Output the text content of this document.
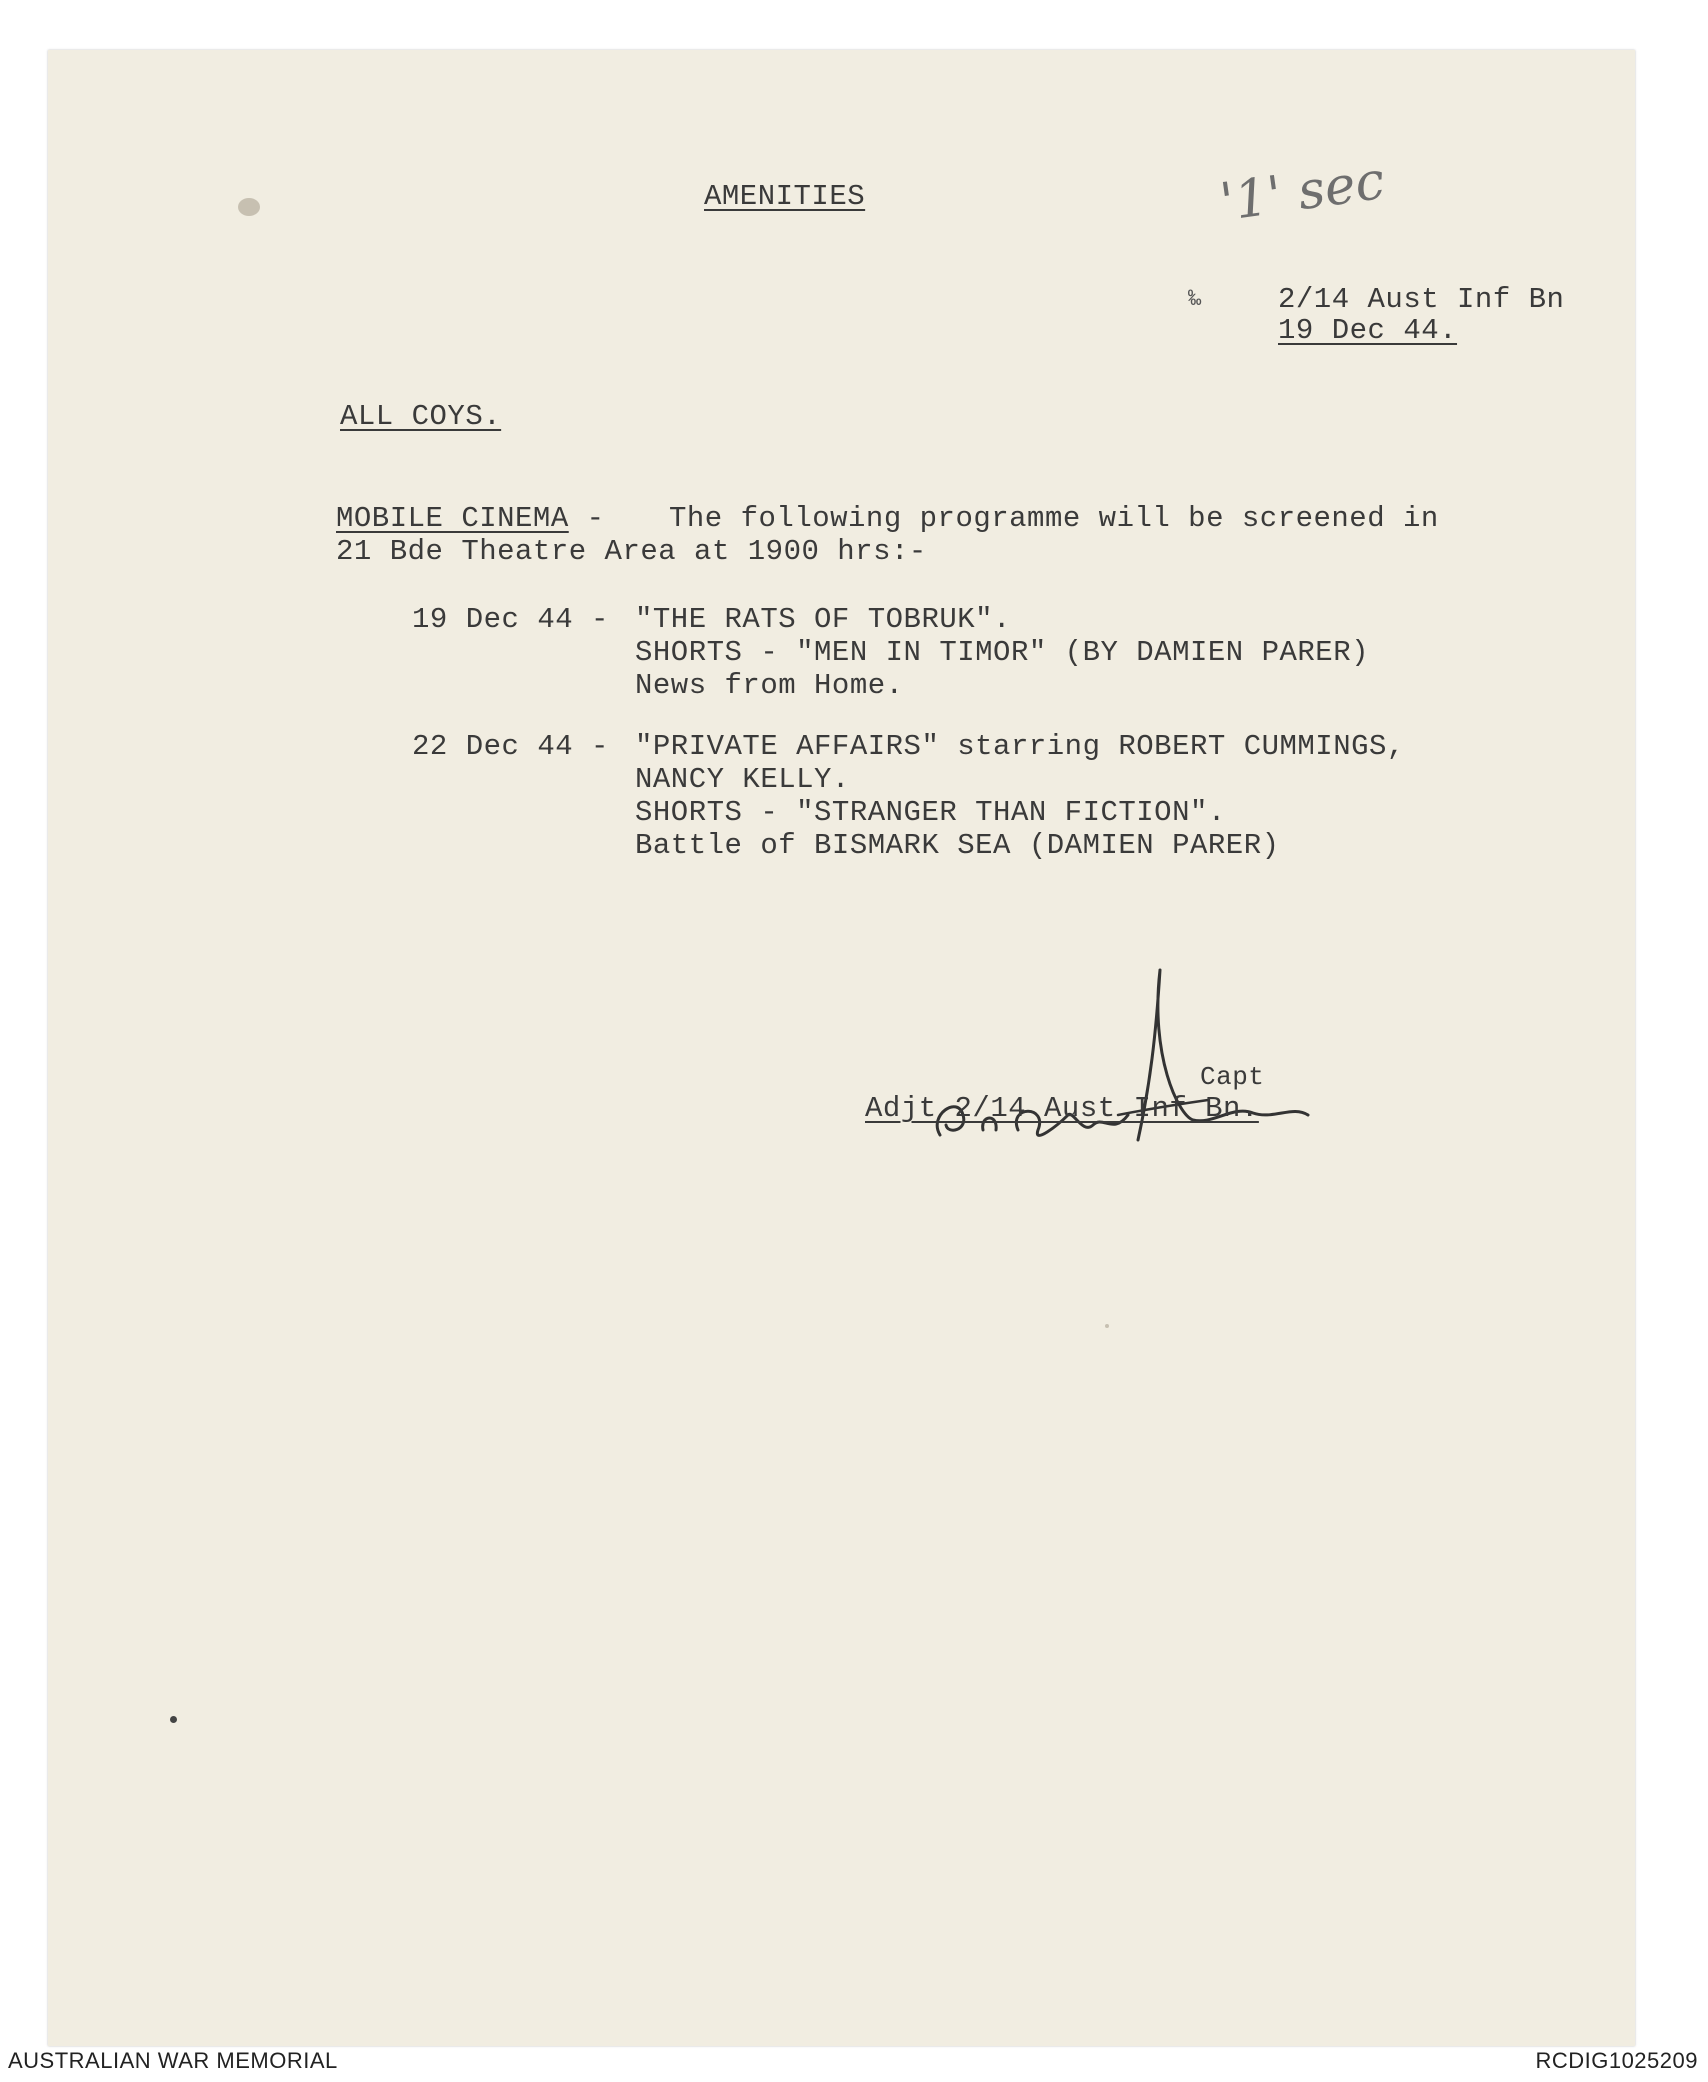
'1' sec
AMENITIES
‰	2/14 Aust Inf Bn
19 Dec 44.
ALL COYS.
MOBILE CINEMA - The following programme will be screened in
21 Bde Theatre Area at 1900 hrs:-
19 Dec 44 - "THE RATS OF TOBRUK".
SHORTS - "MEN IN TIMOR" (BY DAMIEN PARER)
News from Home.
22 Dec 44 - "PRIVATE AFFAIRS" starring ROBERT CUMMINGS,
NANCY KELLY.
SHORTS - "STRANGER THAN FICTION".
Battle of BISMARK SEA (DAMIEN PARER)
Capt
Adjt 2/14 Aust Inf Bn.
AUSTRALIAN WAR MEMORIAL	RCDIG1025209
